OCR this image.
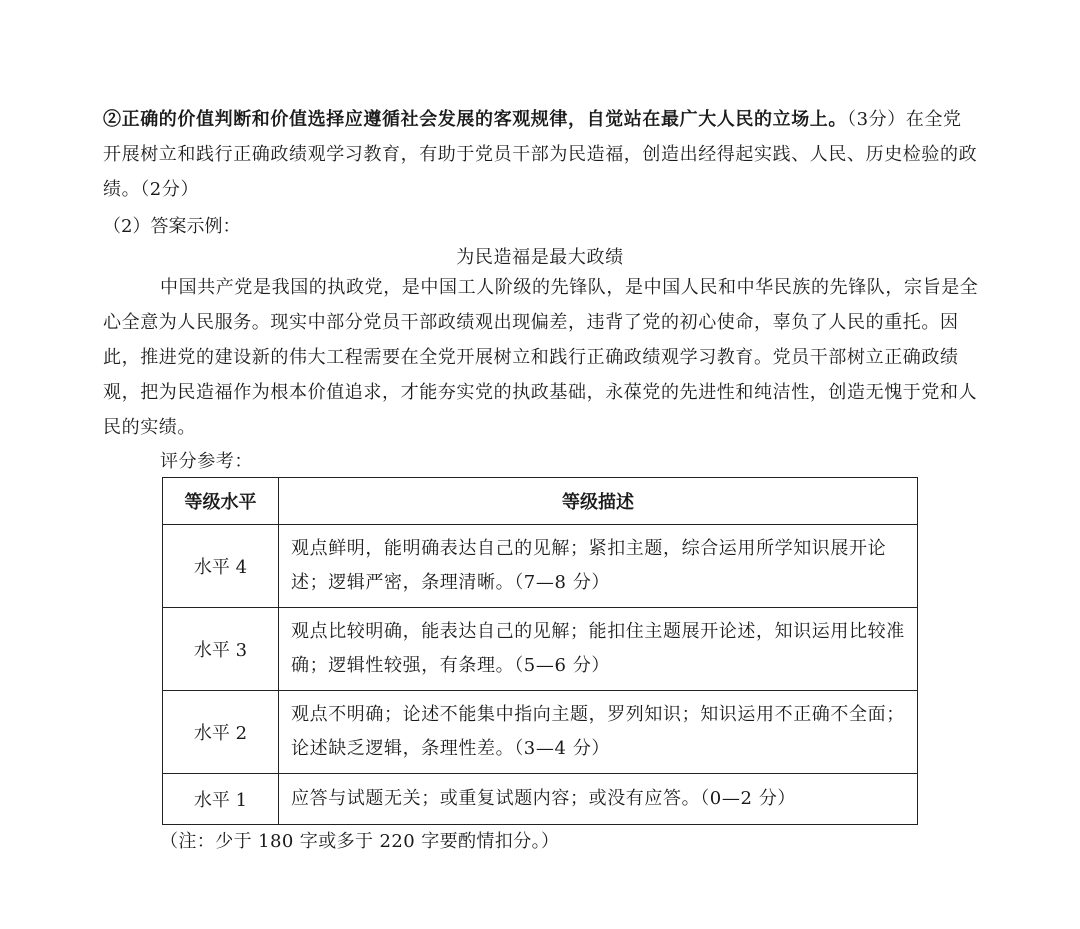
②正确的价值判断和价值选择应遵循社会发展的客观规律，自觉站在最广大人民的立场上。（3分）在全党开展树立和践行正确政绩观学习教育，有助于党员干部为民造福，创造出经得起实践、人民、历史检验的政绩。（2分）

（2）答案示例：
为民造福是最大政绩

中国共产党是我国的执政党，是中国工人阶级的先锋队，是中国人民和中华民族的先锋队，宗旨是全心全意为人民服务。现实中部分党员干部政绩观出现偏差，违背了党的初心使命，辜负了人民的重托。因此，推进党的建设新的伟大工程需要在全党开展树立和践行正确政绩观学习教育。党员干部树立正确政绩观，把为民造福作为根本价值追求，才能夯实党的执政基础，永葆党的先进性和纯洁性，创造无愧于党和人民的实绩。

评分参考：
等级水平	等级描述
水平 4	观点鲜明，能明确表达自己的见解；紧扣主题，综合运用所学知识展开论述；逻辑严密，条理清晰。（7—8 分）
水平 3	观点比较明确，能表达自己的见解；能扣住主题展开论述，知识运用比较准确；逻辑性较强，有条理。（5—6 分）
水平 2	观点不明确；论述不能集中指向主题，罗列知识；知识运用不正确不全面；论述缺乏逻辑，条理性差。（3—4 分）
水平 1	应答与试题无关；或重复试题内容；或没有应答。（0—2 分）
（注：少于 180 字或多于 220 字要酌情扣分。）
